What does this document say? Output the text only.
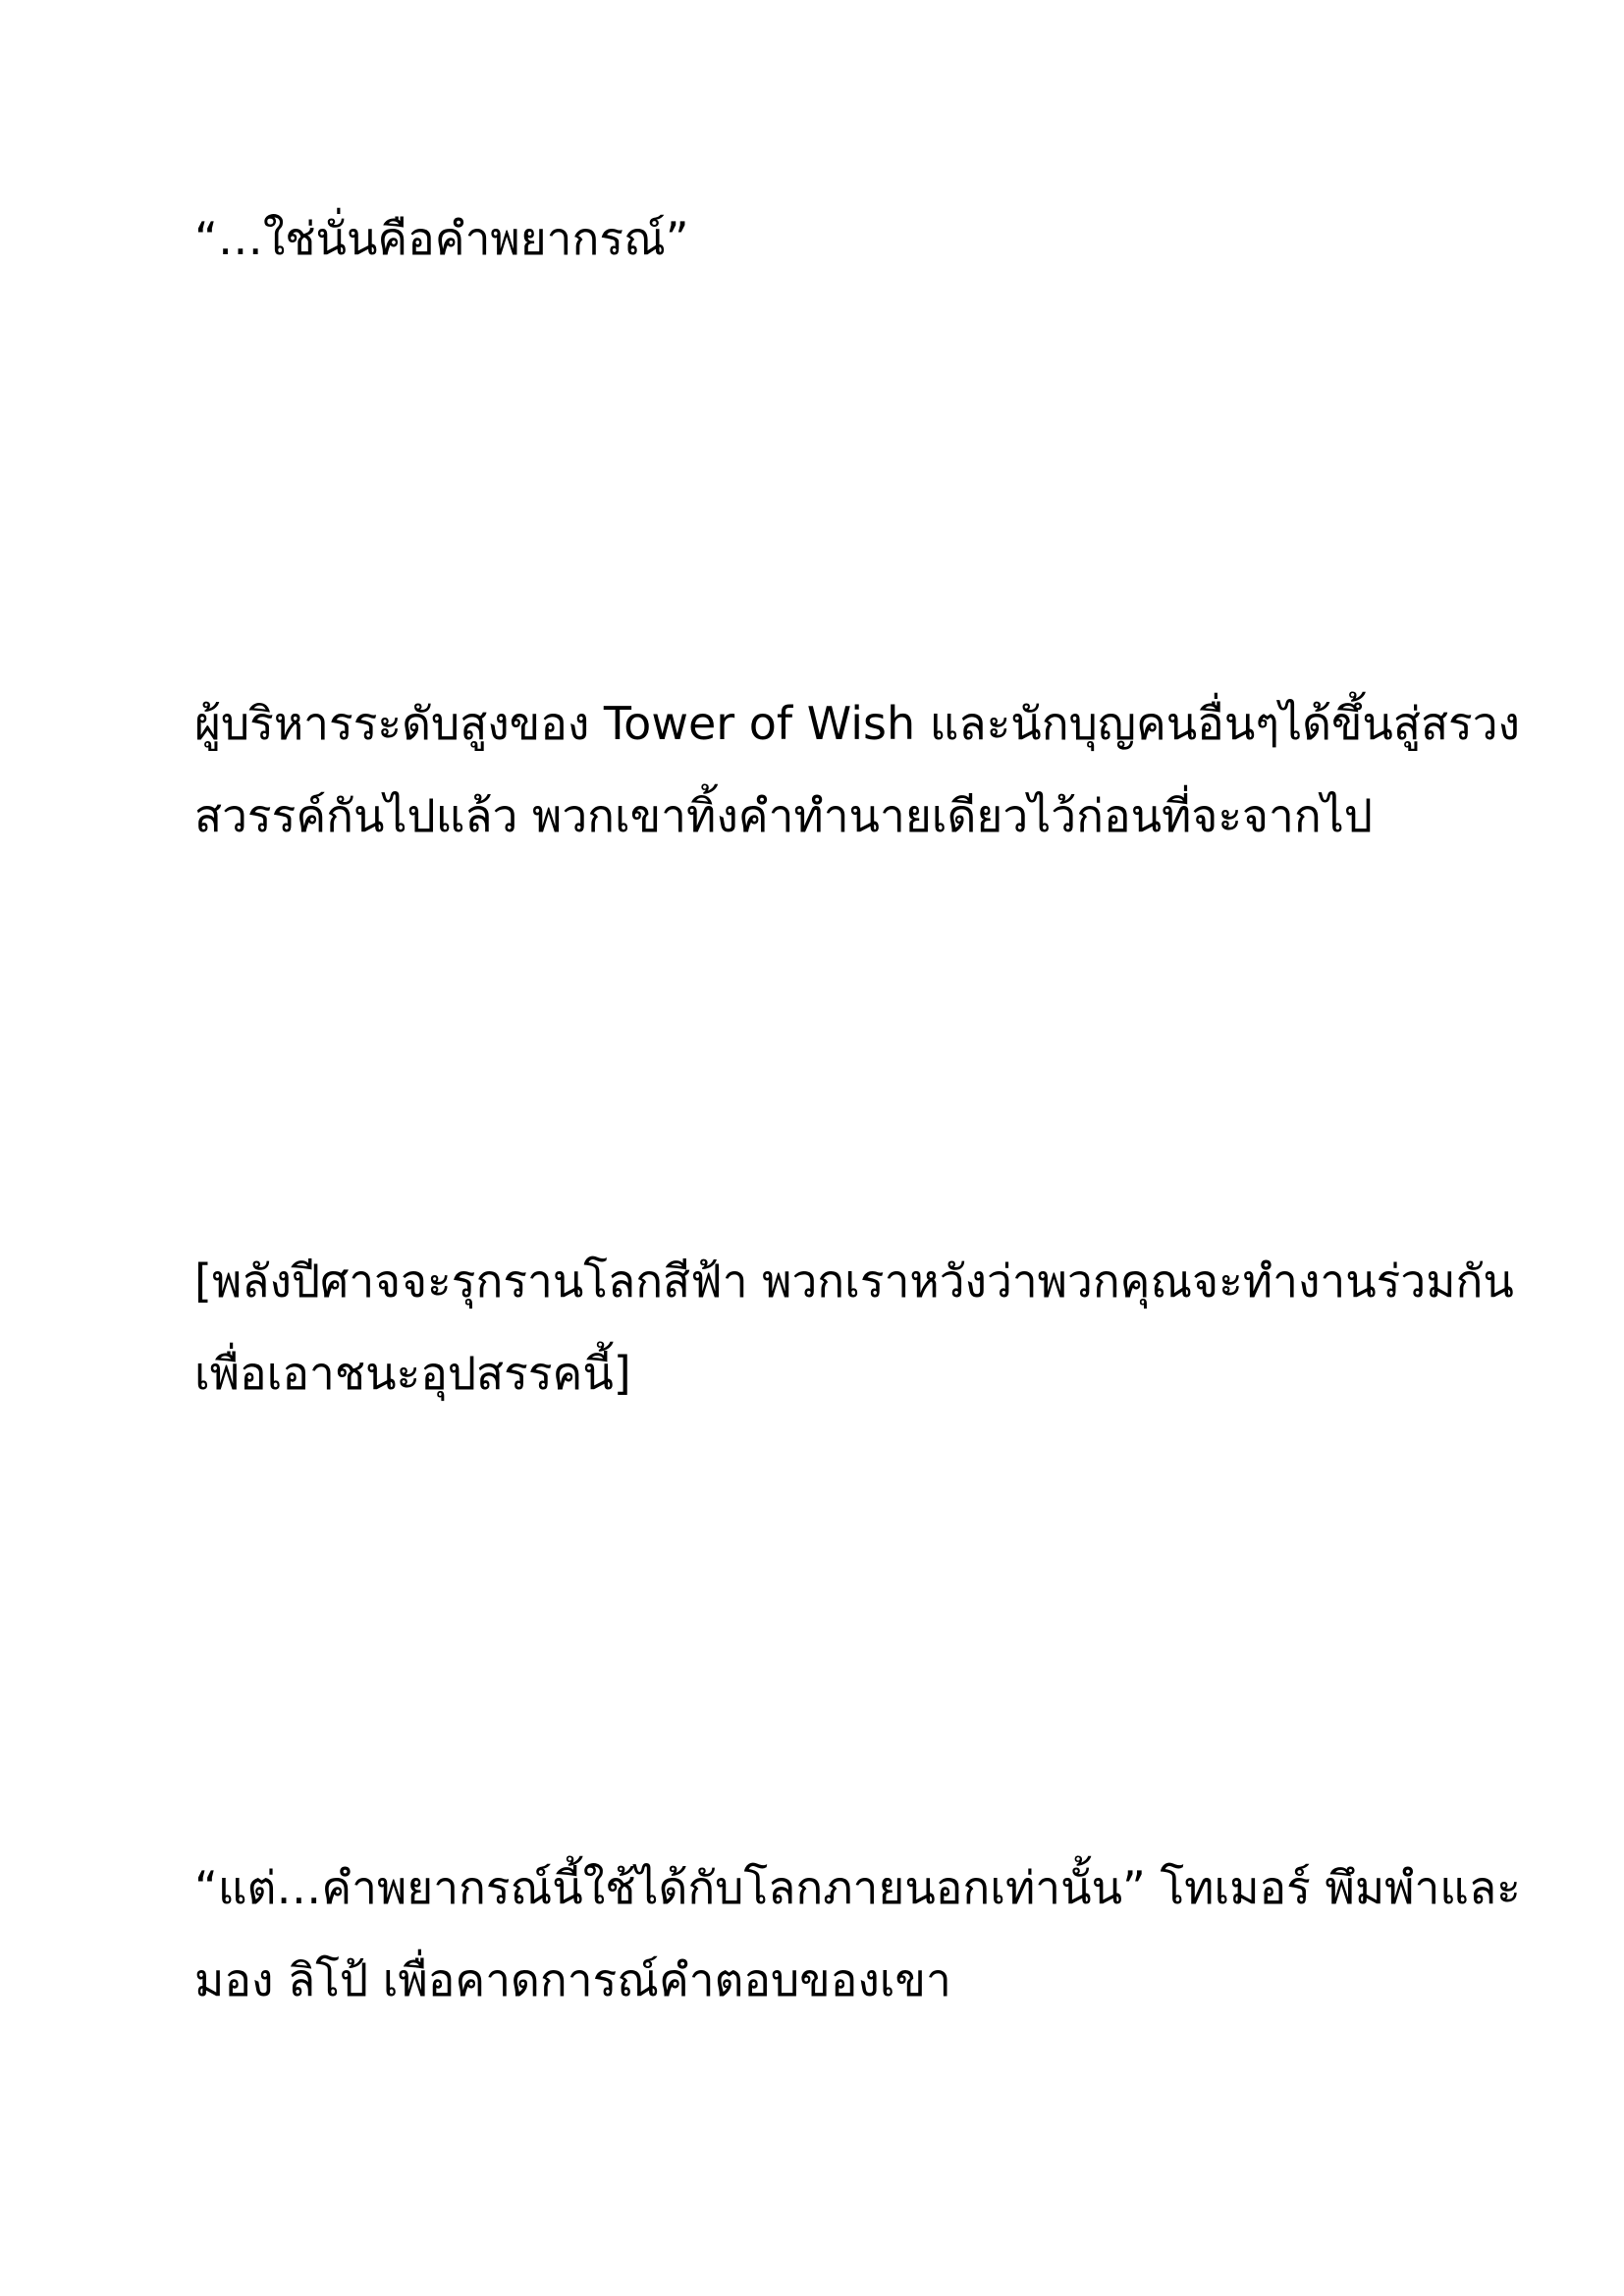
“…ใช่นั่นคือคำพยากรณ์”

ผู้บริหารระดับสูงของ Tower of Wish และนักบุญคนอื่นๆได้ขึ้นสู่สรวง
สวรรค์กันไปแล้ว พวกเขาทิ้งคำทำนายเดียวไว้ก่อนที่จะจากไป

[พลังปีศาจจะรุกรานโลกสีฟ้า พวกเราหวังว่าพวกคุณจะทำงานร่วมกัน
เพื่อเอาชนะอุปสรรคนี้]

“แต่…คำพยากรณ์นี้ใช้ได้กับโลกภายนอกเท่านั้น” โทเมอร์ พึมพำและ
มอง ลิโป้ เพื่อคาดการณ์คำตอบของเขา
